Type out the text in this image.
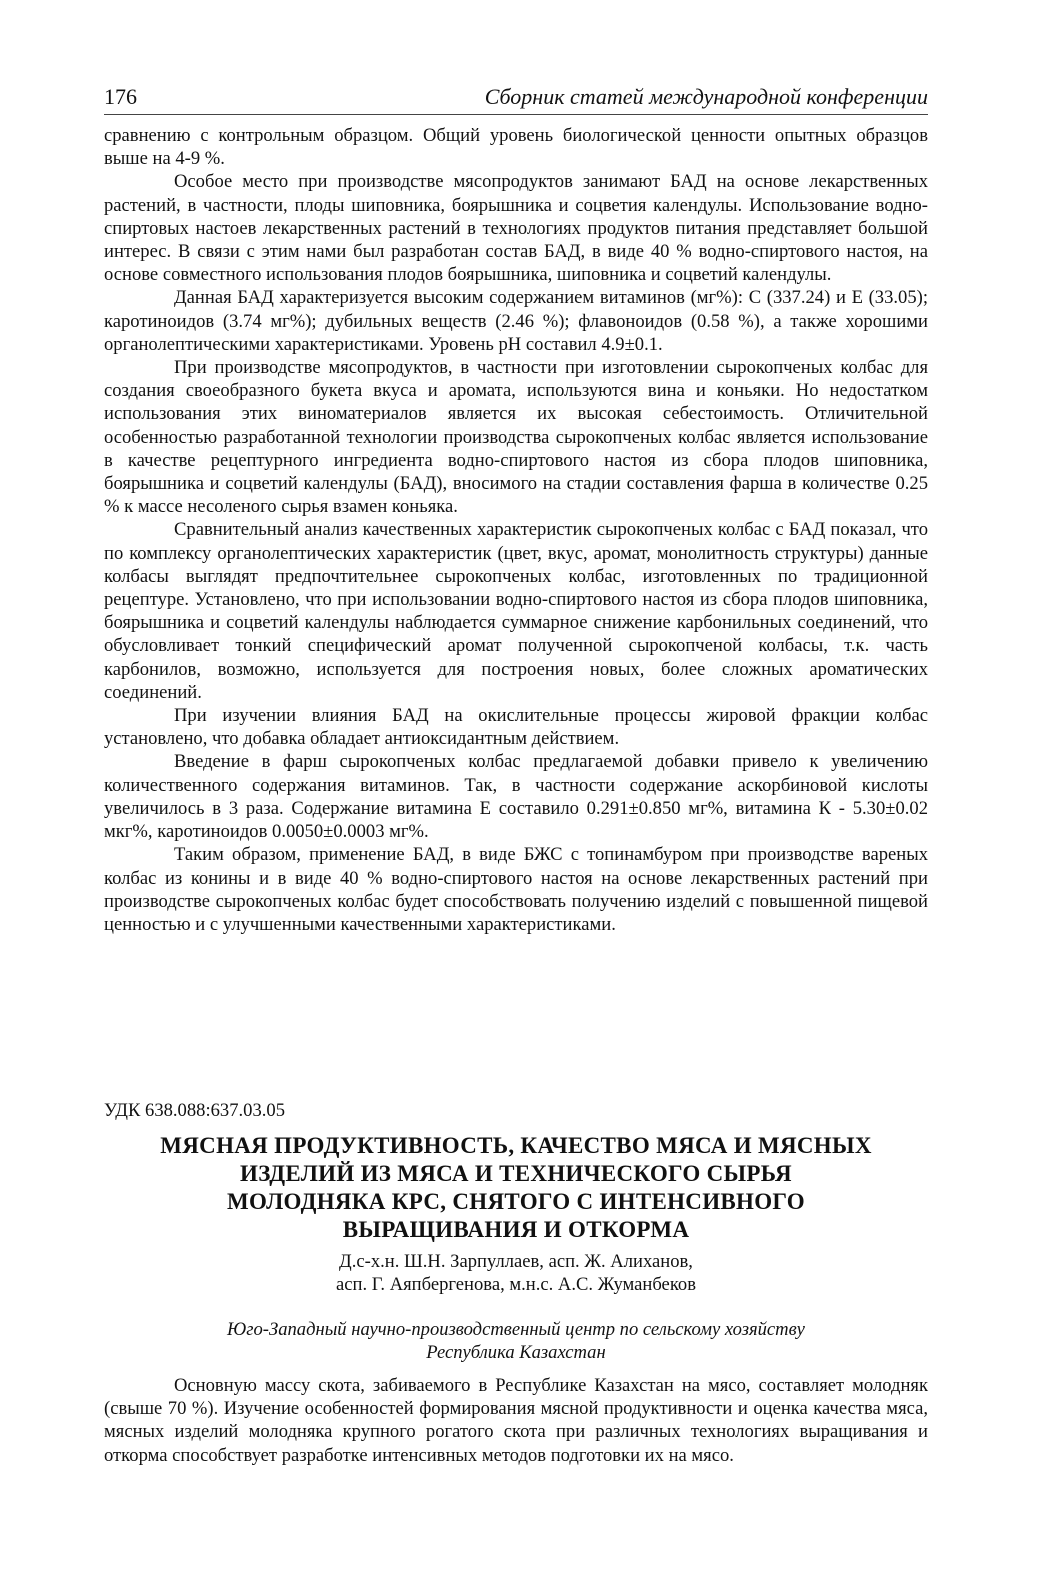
176	Сборник статей международной конференции

сравнению с контрольным образцом. Общий уровень биологической ценности опытных образцов выше на 4-9 %.

Особое место при производстве мясопродуктов занимают БАД на основе лекарственных растений, в частности, плоды шиповника, боярышника и соцветия календулы. Использование водно-спиртовых настоев лекарственных растений в технологиях продуктов питания представляет большой интерес. В связи с этим нами был разработан состав БАД, в виде 40 % водно-спиртового настоя, на основе совместного использования плодов боярышника, шиповника и соцветий календулы.

Данная БАД характеризуется высоким содержанием витаминов (мг%): С (337.24) и Е (33.05); каротиноидов (3.74 мг%); дубильных веществ (2.46 %); флавоноидов (0.58 %), а также хорошими органолептическими характеристиками. Уровень рН составил 4.9±0.1.

При производстве мясопродуктов, в частности при изготовлении сырокопченых колбас для создания своеобразного букета вкуса и аромата, используются вина и коньяки. Но недостатком использования этих виноматериалов является их высокая себестоимость. Отличительной особенностью разработанной технологии производства сырокопченых колбас является использование в качестве рецептурного ингредиента водно-спиртового настоя из сбора плодов шиповника, боярышника и соцветий календулы (БАД), вносимого на стадии составления фарша в количестве 0.25 % к массе несоленого сырья взамен коньяка.

Сравнительный анализ качественных характеристик сырокопченых колбас с БАД показал, что по комплексу органолептических характеристик (цвет, вкус, аромат, монолитность структуры) данные колбасы выглядят предпочтительнее сырокопченых колбас, изготовленных по традиционной рецептуре. Установлено, что при использовании водно-спиртового настоя из сбора плодов шиповника, боярышника и соцветий календулы наблюдается суммарное снижение карбонильных соединений, что обусловливает тонкий специфический аромат полученной сырокопченой колбасы, т.к. часть карбонилов, возможно, используется для построения новых, более сложных ароматических соединений.

При изучении влияния БАД на окислительные процессы жировой фракции колбас установлено, что добавка обладает антиоксидантным действием.

Введение в фарш сырокопченых колбас предлагаемой добавки привело к увеличению количественного содержания витаминов. Так, в частности содержание аскорбиновой кислоты увеличилось в 3 раза. Содержание витамина Е составило 0.291±0.850 мг%, витамина К - 5.30±0.02 мкг%, каротиноидов 0.0050±0.0003 мг%.

Таким образом, применение БАД, в виде БЖС с топинамбуром при производстве вареных колбас из конины и в виде 40 % водно-спиртового настоя на основе лекарственных растений при производстве сырокопченых колбас будет способствовать получению изделий с повышенной пищевой ценностью и с улучшенными качественными характеристиками.

УДК 638.088:637.03.05
МЯСНАЯ ПРОДУКТИВНОСТЬ, КАЧЕСТВО МЯСА И МЯСНЫХ
ИЗДЕЛИЙ ИЗ МЯСА И ТЕХНИЧЕСКОГО СЫРЬЯ
МОЛОДНЯКА КРС, СНЯТОГО С ИНТЕНСИВНОГО
ВЫРАЩИВАНИЯ И ОТКОРМА
Д.с-х.н. Ш.Н. Зарпуллаев, асп. Ж. Алиханов,
асп. Г. Аяпбергенова, м.н.с. А.С. Жуманбеков
Юго-Западный научно-производственный центр по сельскому хозяйству
Республика Казахстан

Основную массу скота, забиваемого в Республике Казахстан на мясо, составляет молодняк (свыше 70 %). Изучение особенностей формирования мясной продуктивности и оценка качества мяса, мясных изделий молодняка крупного рогатого скота при различных технологиях выращивания и откорма способствует разработке интенсивных методов подготовки их на мясо.
